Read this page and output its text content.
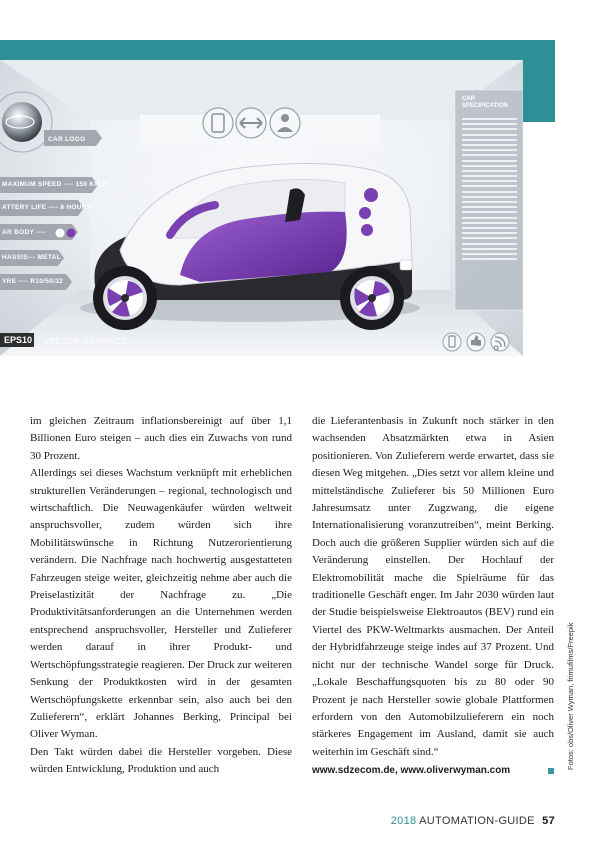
CAR LOGO
MAXIMUM SPEED ---- 150 KM.H
ATTERY LIFE ---- 8 HOURS
AR BODY ----
HASSIS--- METAL
YRE ---- R10/50/32
CAR
SPECIFICATION
EPS10 VECTOR GRAPHICS

im gleichen Zeitraum inflationsbereinigt auf über 1,1 Billionen Euro steigen – auch dies ein Zuwachs von rund 30 Prozent.

Allerdings sei dieses Wachstum verknüpft mit erheblichen strukturellen Veränderungen – regional, technologisch und wirtschaftlich. Die Neuwagenkäufer würden weltweit anspruchsvoller, zudem würden sich ihre Mobilitätswünsche in Richtung Nutzerorientierung verändern. Die Nachfrage nach hochwertig ausgestatteten Fahrzeugen steige weiter, gleichzeitig nehme aber auch die Preiselastizität der Nachfrage zu. „Die Produktivitätsanforderungen an die Unternehmen werden entsprechend anspruchsvoller, Hersteller und Zulieferer werden darauf in ihrer Produkt- und Wertschöpfungsstrategie reagieren. Der Druck zur weiteren Senkung der Produktkosten wird in der gesamten Wertschöpfungskette erkennbar sein, also auch bei den Zulieferern“, erklärt Johannes Berking, Principal bei Oliver Wyman.

Den Takt würden dabei die Hersteller vorgeben. Diese würden Entwicklung, Produktion und auch

die Lieferantenbasis in Zukunft noch stärker in den wachsenden Absatzmärkten etwa in Asien positionieren. Von Zulieferern werde erwartet, dass sie diesen Weg mitgehen. „Dies setzt vor allem kleine und mittelständische Zulieferer bis 50 Millionen Euro Jahresumsatz unter Zugzwang, die eigene Internationalisierung voranzutreiben“, meint Berking. Doch auch die größeren Supplier würden sich auf die Veränderung einstellen. Der Hochlauf der Elektromobilität mache die Spielräume für das traditionelle Geschäft enger. Im Jahr 2030 würden laut der Studie beispielsweise Elektroautos (BEV) rund ein Viertel des PKW-Weltmarkts ausmachen. Der Anteil der Hybridfahrzeuge steige indes auf 37 Prozent. Und nicht nur der technische Wandel sorge für Druck. „Lokale Beschaffungsquoten bis zu 80 oder 90 Prozent je nach Hersteller sowie globale Plattformen erfordern von den Automobilzulieferern ein noch stärkeres Engagement im Ausland, damit sie auch weiterhin im Geschäft sind.“

www.sdzecom.de, www.oliverwyman.com
Fotos: obs/Oliver Wyman, frimufilms/Freepik
2018 AUTOMATION-GUIDE 57
